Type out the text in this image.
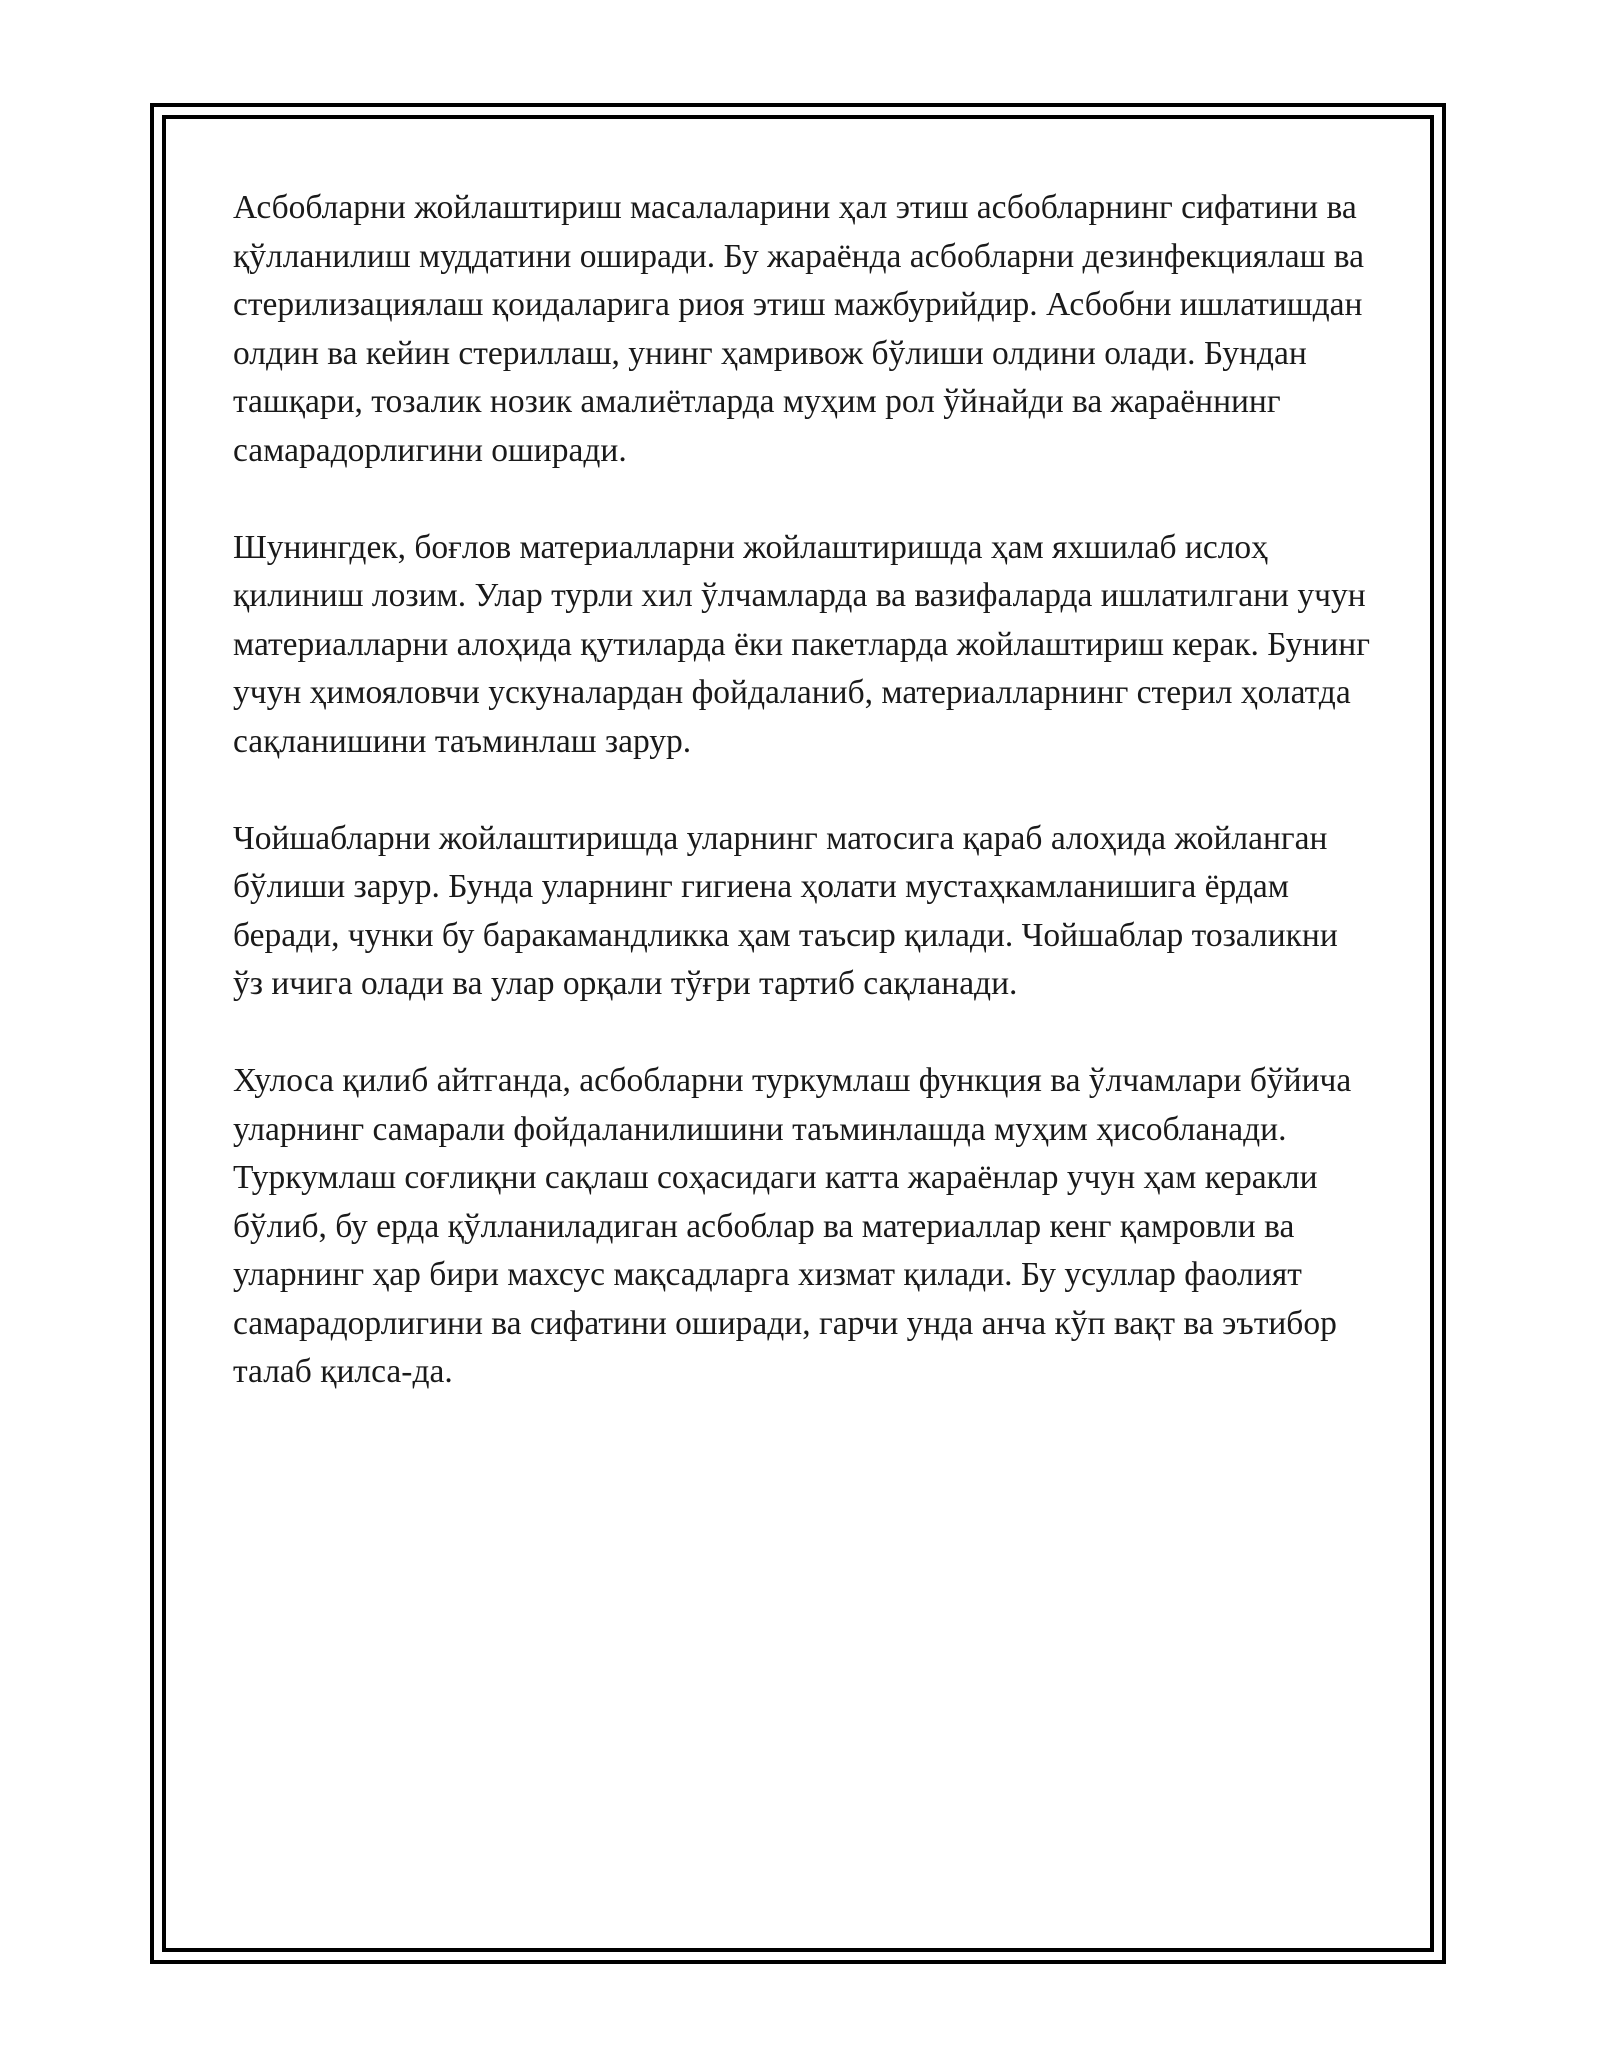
Асбобларни жойлаштириш масалаларини ҳал этиш асбобларнинг сифатини ва қўлланилиш муддатини оширади. Бу жараёнда асбобларни дезинфекциялаш ва стерилизациялаш қоидаларига риоя этиш мажбурийдир. Асбобни ишлатишдан олдин ва кейин стериллаш, унинг ҳамривож бўлиши олдини олади. Бундан ташқари, тозалик нозик амалиётларда муҳим рол ўйнайди ва жараённинг самарадорлигини оширади.

Шунингдек, боғлов материалларни жойлаштиришда ҳам яхшилаб ислоҳ қилиниш лозим. Улар турли хил ўлчамларда ва вазифаларда ишлатилгани учун материалларни алоҳида қутиларда ёки пакетларда жойлаштириш керак. Бунинг учун ҳимояловчи ускуналардан фойдаланиб, материалларнинг стерил ҳолатда сақланишини таъминлаш зарур.

Чойшабларни жойлаштиришда уларнинг матосига қараб алоҳида жойланган бўлиши зарур. Бунда уларнинг гигиена ҳолати мустаҳкамланишига ёрдам беради, чунки бу баракамандликка ҳам таъсир қилади. Чойшаблар тозаликни ўз ичига олади ва улар орқали тўғри тартиб сақланади.

Хулоса қилиб айтганда, асбобларни туркумлаш функция ва ўлчамлари бўйича уларнинг самарали фойдаланилишини таъминлашда муҳим ҳисобланади. Туркумлаш соғлиқни сақлаш соҳасидаги катта жараёнлар учун ҳам керакли бўлиб, бу ерда қўлланиладиган асбоблар ва материаллар кенг қамровли ва уларнинг ҳар бири махсус мақсадларга хизмат қилади. Бу усуллар фаолият самарадорлигини ва сифатини оширади, гарчи унда анча кўп вақт ва эътибор талаб қилса-да.
